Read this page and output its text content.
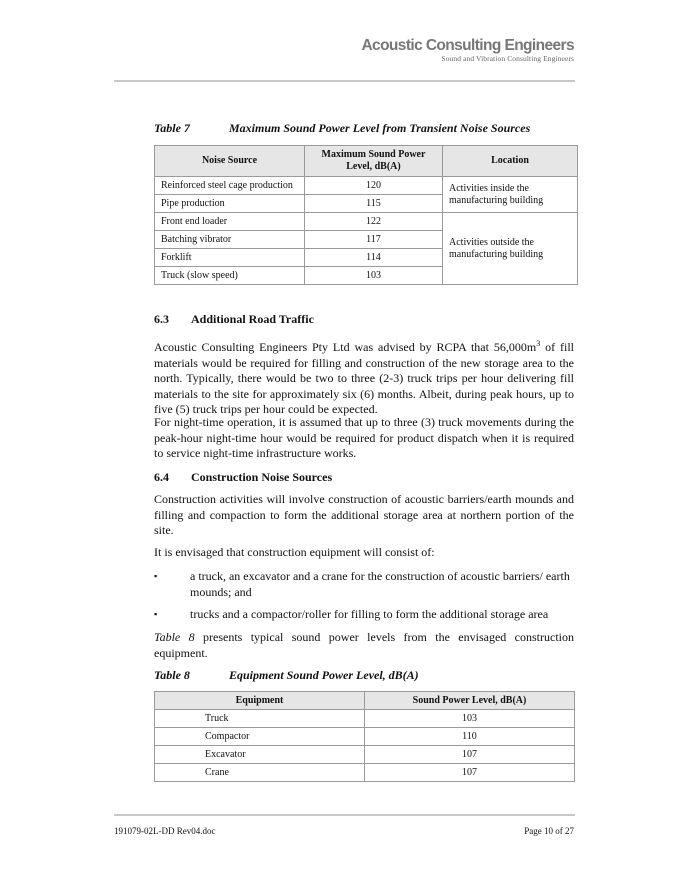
Acoustic Consulting Engineers
Sound and Vibration Consulting Engineers
Table 7	Maximum Sound Power Level from Transient Noise Sources
Noise Source	Maximum Sound Power Level, dB(A)	Location
Reinforced steel cage production	120	Activities inside the manufacturing building
Pipe production	115	
Front end loader	122	Activities outside the manufacturing building
Batching vibrator	117	
Forklift	114	
Truck (slow speed)	103	
6.3 Additional Road Traffic
Acoustic Consulting Engineers Pty Ltd was advised by RCPA that $56,000m^3$ of fill materials would be required for filling and construction of the new storage area to the north. Typically, there would be two to three (2-3) truck trips per hour delivering fill materials to the site for approximately six (6) months. Albeit, during peak hours, up to five (5) truck trips per hour could be expected.
For night-time operation, it is assumed that up to three (3) truck movements during the peak-hour night-time hour would be required for product dispatch when it is required to service night-time infrastructure works.
6.4 Construction Noise Sources
Construction activities will involve construction of acoustic barriers/earth mounds and filling and compaction to form the additional storage area at northern portion of the site.
It is envisaged that construction equipment will consist of:
▪	a truck, an excavator and a crane for the construction of acoustic barriers/ earth mounds; and
▪	trucks and a compactor/roller for filling to form the additional storage area
Table 8 presents typical sound power levels from the envisaged construction equipment.
Table 8	Equipment Sound Power Level, dB(A)
Equipment	Sound Power Level, dB(A)
Truck	103
Compactor	110
Excavator	107
Crane	107
191079-02L-DD Rev04.doc	Page 10 of 27
